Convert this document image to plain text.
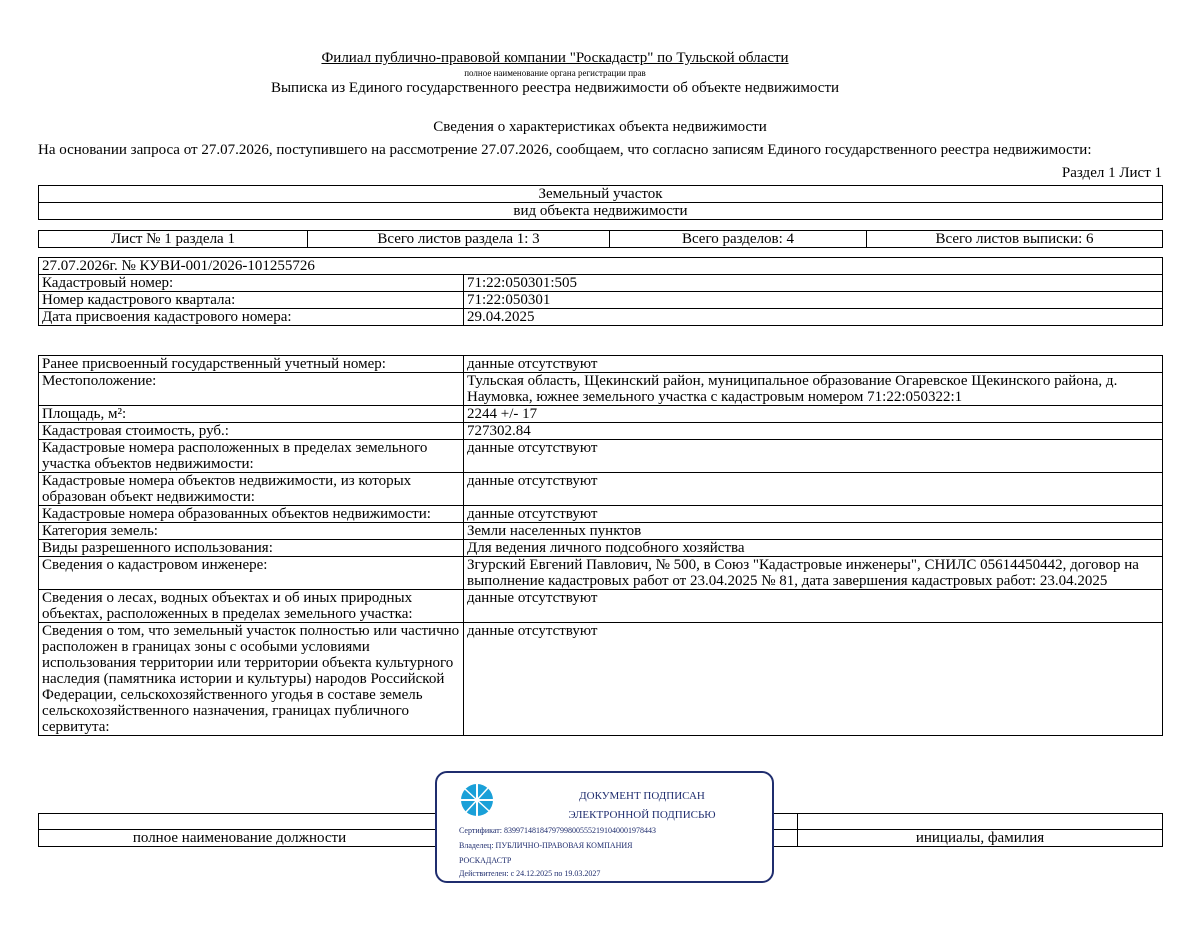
Филиал публично-правовой компании "Роскадастр" по Тульской области
полное наименование органа регистрации прав
Выписка из Единого государственного реестра недвижимости об объекте недвижимости
Сведения о характеристиках объекта недвижимости
На основании запроса от 27.07.2026, поступившего на рассмотрение 27.07.2026, сообщаем, что согласно записям Единого государственного реестра недвижимости:
Раздел 1 Лист 1
Земельный участок
вид объекта недвижимости
Лист № 1 раздела 1	Всего листов раздела 1: 3	Всего разделов: 4	Всего листов выписки: 6
27.07.2026г. № КУВИ-001/2026-101255726	
Кадастровый номер:	71:22:050301:505
Номер кадастрового квартала:	71:22:050301
Дата присвоения кадастрового номера:	29.04.2025
Ранее присвоенный государственный учетный номер:	данные отсутствуют
Местоположение:	Тульская область, Щекинский район, муниципальное образование Огаревское Щекинского района, д. Наумовка, южнее земельного участка с кадастровым номером 71:22:050322:1
Площадь, м²:	2244 +/- 17
Кадастровая стоимость, руб.:	727302.84
Кадастровые номера расположенных в пределах земельного участка объектов недвижимости:	данные отсутствуют
Кадастровые номера объектов недвижимости, из которых образован объект недвижимости:	данные отсутствуют
Кадастровые номера образованных объектов недвижимости:	данные отсутствуют
Категория земель:	Земли населенных пунктов
Виды разрешенного использования:	Для ведения личного подсобного хозяйства
Сведения о кадастровом инженере:	Згурский Евгений Павлович, № 500, в Союз "Кадастровые инженеры", СНИЛС 05614450442, договор на выполнение кадастровых работ от 23.04.2025 № 81, дата завершения кадастровых работ: 23.04.2025
Сведения о лесах, водных объектах и об иных природных объектах, расположенных в пределах земельного участка:	данные отсутствуют
Сведения о том, что земельный участок полностью или частично расположен в границах зоны с особыми условиями использования территории или территории объекта культурного наследия (памятника истории и культуры) народов Российской Федерации, сельскохозяйственного угодья в составе земель сельскохозяйственного назначения, границах публичного сервитута:	данные отсутствуют

полное наименование должности		инициалы, фамилия
ДОКУМЕНТ ПОДПИСАН
ЭЛЕКТРОННОЙ ПОДПИСЬЮ
Сертификат: 8399714818479799800555219104000197844З
Владелец: ПУБЛИЧНО-ПРАВОВАЯ КОМПАНИЯ
РОСКАДАСТР
Действителен: с 24.12.2025 по 19.03.2027
